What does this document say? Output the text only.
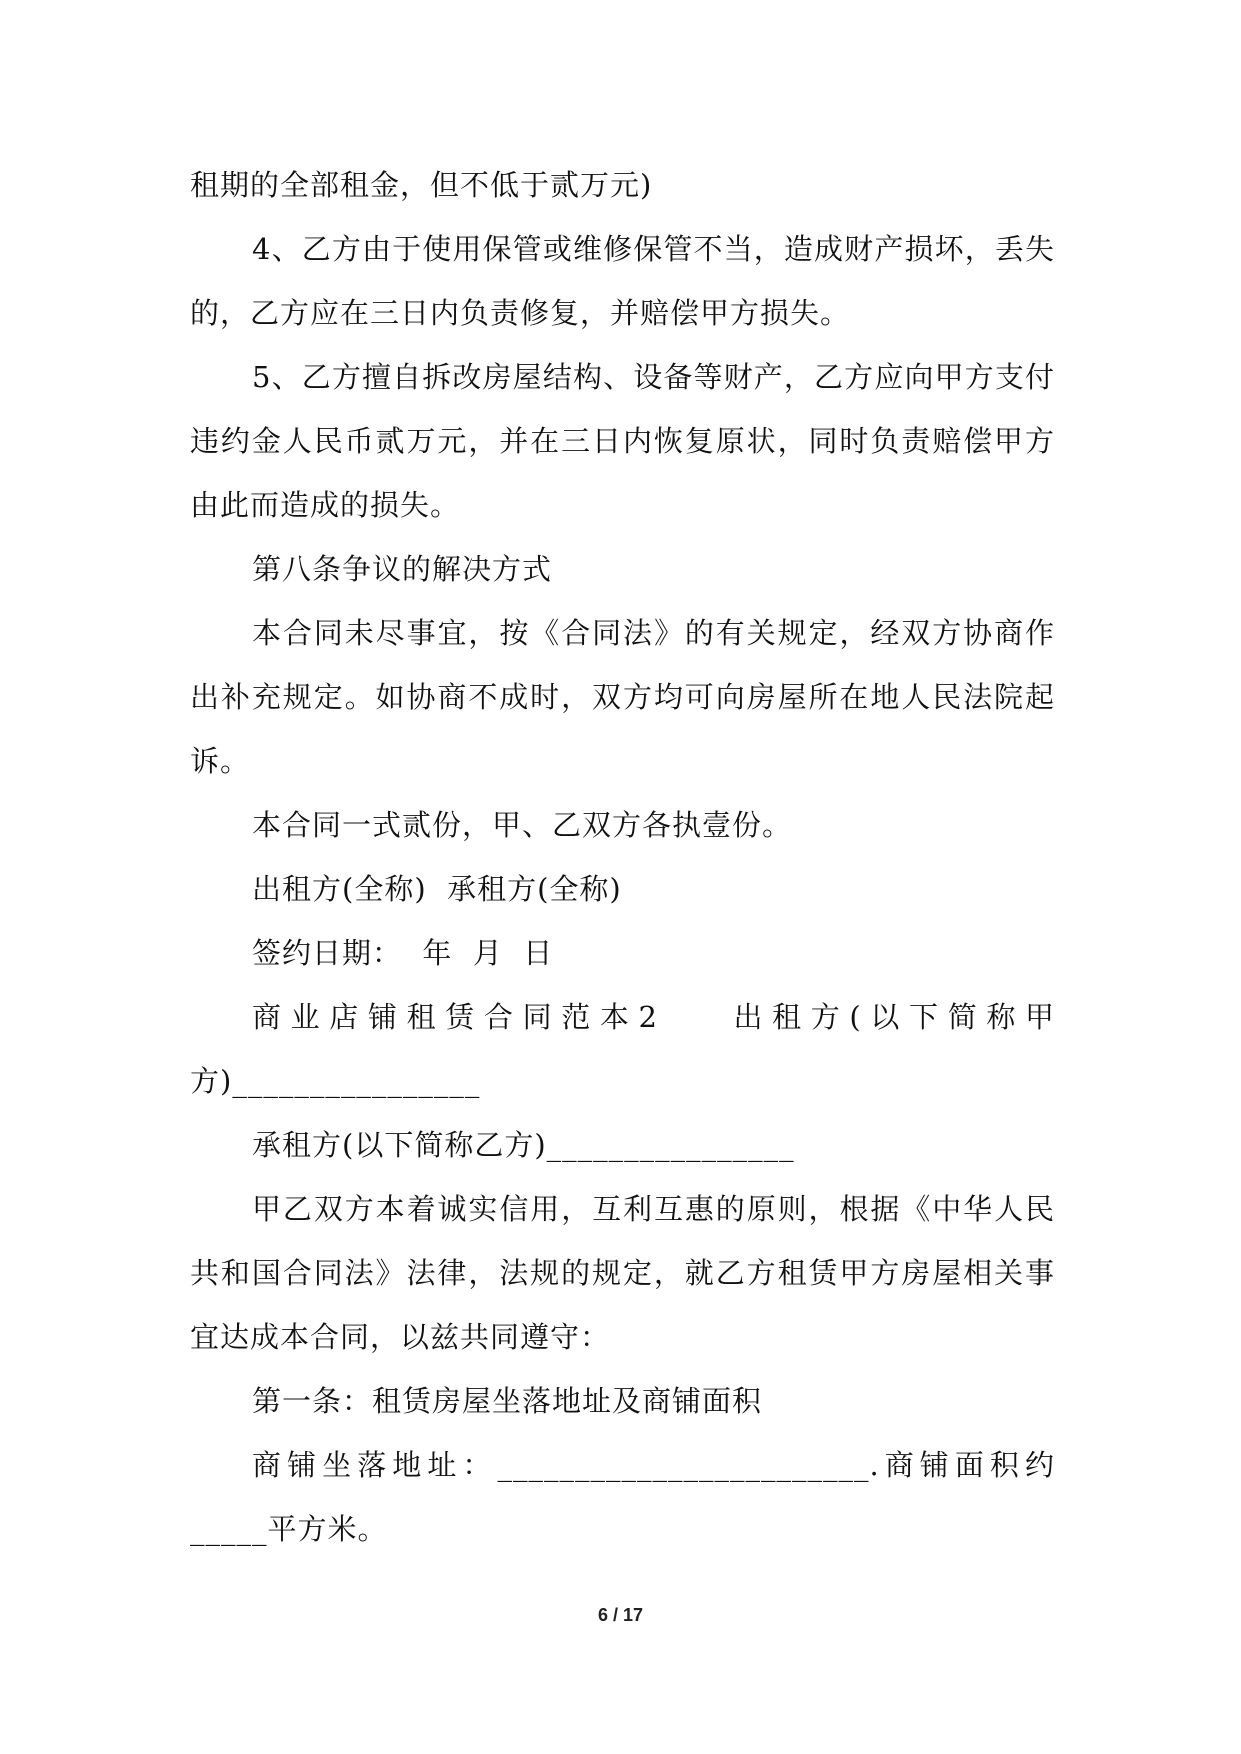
租期的全部租金，但不低于贰万元)

4、乙方由于使用保管或维修保管不当，造成财产损坏，丢失的，乙方应在三日内负责修复，并赔偿甲方损失。

5、乙方擅自拆改房屋结构、设备等财产，乙方应向甲方支付违约金人民币贰万元，并在三日内恢复原状，同时负责赔偿甲方由此而造成的损失。

第八条争议的解决方式

本合同未尽事宜，按《合同法》的有关规定，经双方协商作出补充规定。如协商不成时，双方均可向房屋所在地人民法院起诉。

本合同一式贰份，甲、乙双方各执壹份。

出租方(全称)  承租方(全称)

签约日期：  年  月  日

商业店铺租赁合同范本2    出租方(以下简称甲方)________________

承租方(以下简称乙方)________________

甲乙双方本着诚实信用，互利互惠的原则，根据《中华人民共和国合同法》法律，法规的规定，就乙方租赁甲方房屋相关事宜达成本合同，以兹共同遵守：

第一条：租赁房屋坐落地址及商铺面积

商铺坐落地址：________________________.商铺面积约_____平方米。

6 / 17
